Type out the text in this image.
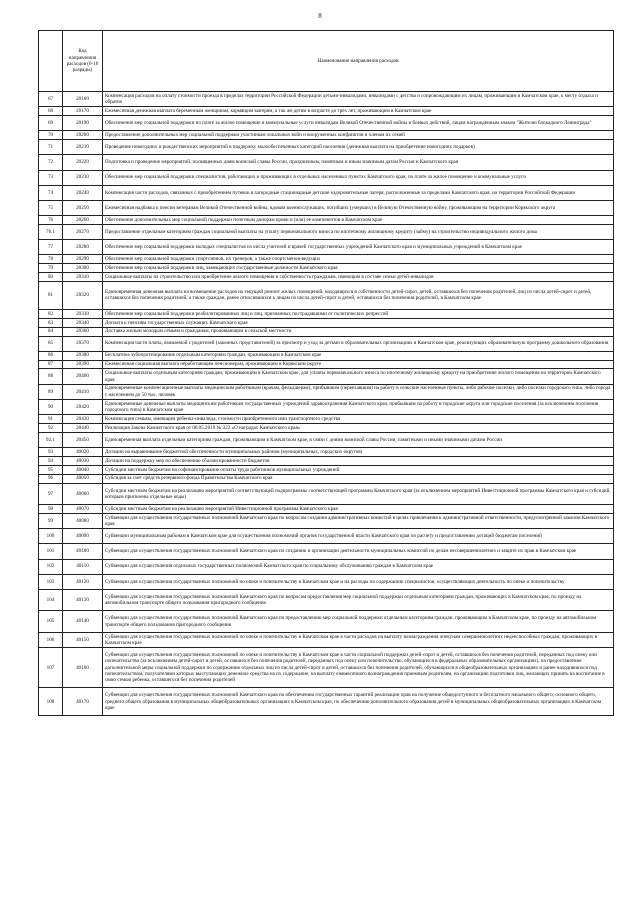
8
	Код направления расходов (6-10 разряды)	Наименование направления расходов
67	20160	Компенсация расходов на оплату стоимости проезда в пределах территории Российской Федерации детьми-инвалидами, инвалидами с детства и сопровождающим их лицам, проживающим в Камчатском крае, к месту отдыха и обратно
68	20170	Ежемесячная денежная выплата беременным женщинам, кормящим матерям, а так же детям в возрасте до трех лет, проживающим в Камчатском крае
69	20190	Обеспечение мер социальной поддержки по плате за жилое помещение и коммунальные услуги инвалидам Великой Отечественной войны и боевых действий, лицам награжденным знаком "Жителю блокадного Ленинграда"
70	20200	Предоставление дополнительных мер социальной поддержки участникам локальных войн и вооруженных конфликтов и членам их семей
71	20210	Проведение новогодних и рождественских мероприятий в поддержку малообеспеченных категорий населения (денежная выплата на приобретение новогодних подарков)
72	20220	Подготовка и проведение мероприятий, посвященных дням воинской славы России, праздничным, памятным и иным значимым датам России и Камчатского края
73	20230	Обеспечение мер социальной поддержки специалистов, работающих и проживающих в отдельных населенных пунктах Камчатского края, по плате за жилое помещение и коммунальные услуги
74	20240	Компенсация части расходов, связанных с приобретением путевок в загородные стационарные детские оздоровительные лагеря, расположенные за пределами Камчатского края, на территории Российской Федерации
75	20250	Ежемесячная надбавка к пенсии ветеранам Великой Отечественной войны, вдовам военнослужащих, погибших (умерших) в Великую Отечественную войну, проживающим на территории Корякского округа
76	20260	Обеспечение дополнительных мер социальной поддержки почетным донорам крови и (или) ее компонентов в Камчатском крае
76.1	20270	Предоставление отдельным категориям граждан социальной выплаты на уплату первоначального взноса по ипотечному жилищному кредиту (займу) на строительство индивидуального жилого дома
77	20280	Обеспечение мер социальной поддержки молодых специалистов из числа учителей и врачей государственных учреждений Камчатского края и муниципальных учреждений в Камчатском крае
78	20290	Обеспечение мер социальной поддержки спортсменов, их тренеров, а также спортсменов-ведущих
79	20300	Обеспечение мер социальной поддержки лиц, замещающих государственные должности Камчатского края
80	20310	Социальные выплаты на строительство или приобретение жилого помещения в собственность гражданам, имеющим в составе семьи детей-инвалидов
81	20320	Единовременная денежная выплата на возмещение расходов на текущий ремонт жилых помещений, находящихся в собственности детей-сирот, детей, оставшихся без попечения родителей, лиц из числа детей-сирот и детей, оставшихся без попечения родителей, а также граждан, ранее относившихся к лицам из числа детей-сирот и детей, оставшихся без попечения родителей, в Камчатском крае
82	20330	Обеспечение мер социальной поддержки реабилитированных лиц и лиц, признанных пострадавшими от политических репрессий
83	20340	Доплата к пенсиям государственных служащих Камчатского края
84	20360	Доставка жилым молодым семьям и гражданам, проживающим в сельской местности
85	20370	Компенсация части платы, взимаемой с родителей (законных представителей) за присмотр и уход за детьми в образовательных организациях в Камчатском крае, реализующих образовательную программу дошкольного образования
86	20380	Бесплатное зубопротезирование отдельным категориям граждан, проживающим в Камчатском крае
87	20390	Ежемесячная социальная выплата неработающим пенсионерам, проживающим в Корякском округе
88	20400	Социальные выплаты отдельным категориям граждан, проживающим в Камчатском крае, для уплаты первоначального взноса по ипотечному жилищному кредиту на приобретение жилого помещения на территории Камчатского края
89	20410	Единовременные компенсационные выплаты медицинским работникам (врачам, фельдшерам), прибывшим (переехавшим) на работу в сельские населенные пункты, либо рабочие поселки, либо поселки городского типа, либо города с населением до 50 тыс. человек
90	20420	Единовременные денежные выплаты медицинским работникам государственных учреждений здравоохранения Камчатского края, прибывшим на работу в городские округа или городские поселения (за исключением поселения городского типа) в Камчатском крае
91	20430	Компенсация семьям, имеющим ребенка-инвалида, стоимости приобретенного ими транспортного средства
92	20440	Реализация Закона Камчатского края от 06.05.2019 № 323 «О наградах Камчатского края»
92.1	20450	Единовременная выплата отдельным категориям граждан, проживающим в Камчатском крае, в связи с днями воинской славы России, памятными и иными значимыми датами России
93	40020	Дотации на выравнивание бюджетной обеспеченности муниципальных районов (муниципальных, городских округов)
94	40030	Дотации на поддержку мер по обеспечению сбалансированности бюджетов
95	40040	Субсидии местным бюджетам на софинансирование оплаты труда работников муниципальных учреждений
96	40050	Субсидия за счет средств резервного фонда Правительства Камчатского края
97	40060	Субсидии местным бюджетам на реализацию мероприятий соответствующей подпрограммы соответствующей программы Камчатского края (за исключением мероприятий Инвестиционной программы Камчатского края и субсидий, которым присвоены отдельные коды)
98	40070	Субсидии местным бюджетам на реализацию мероприятий Инвестиционной программы Камчатского края
99	40080	Субвенции для осуществления государственных полномочий Камчатского края по вопросам создания административных комиссий в целях привлечения к административной ответственности, предусмотренной законом Камчатского края
100	40090	Субвенции муниципальным районам в Камчатском крае для осуществления полномочий органов государственной власти Камчатского края по расчету и предоставлению дотаций бюджетам поселений
101	40100	Субвенции для осуществления государственных полномочий Камчатского края по созданию и организации деятельности муниципальных комиссий по делам несовершеннолетних и защите их прав в Камчатском крае
102	40110	Субвенции для осуществления отдельных государственных полномочий Камчатского края по социальному обслуживанию граждан в Камчатском крае
103	40120	Субвенции для осуществления государственных полномочий по опеке и попечительству в Камчатском крае и на расходы по содержанию специалистов, осуществляющих деятельность по опеке и попечительству
104	40130	Субвенции для осуществления государственных полномочий Камчатского края по вопросам предоставления мер социальной поддержки отдельным категориям граждан, проживающих в Камчатском крае, по проезду на автомобильном транспорте общего пользования пригородного сообщения
105	40140	Субвенции для осуществления государственных полномочий Камчатского края по предоставлению мер социальной поддержки отдельным категориям граждан, проживающим в Камчатском крае, по проезду на автомобильном транспорте общего пользования пригородного сообщения
106	40150	Субвенции для осуществления государственных полномочий по опеке и попечительству в Камчатском крае в части расходов на выплату вознаграждения опекунам совершеннолетних недееспособных граждан, проживающих в Камчатском крае
107	40160	Субвенции для осуществления государственных полномочий по опеке и попечительству в Камчатском крае в части социальной поддержки детей-сирот и детей, оставшихся без попечения родителей, переданных под опеку или попечительство (за исключением детей-сирот и детей, оставшихся без попечения родителей, переданных под опеку или попечительство, обучающихся в федеральных образовательных организациях), на предоставление дополнительной меры социальной поддержки по содержанию отдельных лиц из числа детей-сирот и детей, оставшихся без попечения родителей, обучающихся в общеобразовательных организациях и ранее находившихся под попечительством, получателями которых выступающих денежное средства на их содержание, на выплату ежемесячного вознаграждения приемным родителям, на организацию подготовки лиц, желающих принять на воспитание в свою семью ребенка, оставшегося без попечения родителей
108	40170	Субвенции для осуществления государственных полномочий Камчатского края по обеспечению государственных гарантий реализации прав на получение общедоступного и бесплатного начального общего, основного общего, среднего общего образования в муниципальных общеобразовательных организациях в Камчатском крае, по обеспечению дополнительного образования детей в муниципальных общеобразовательных организациях в Камчатском крае
